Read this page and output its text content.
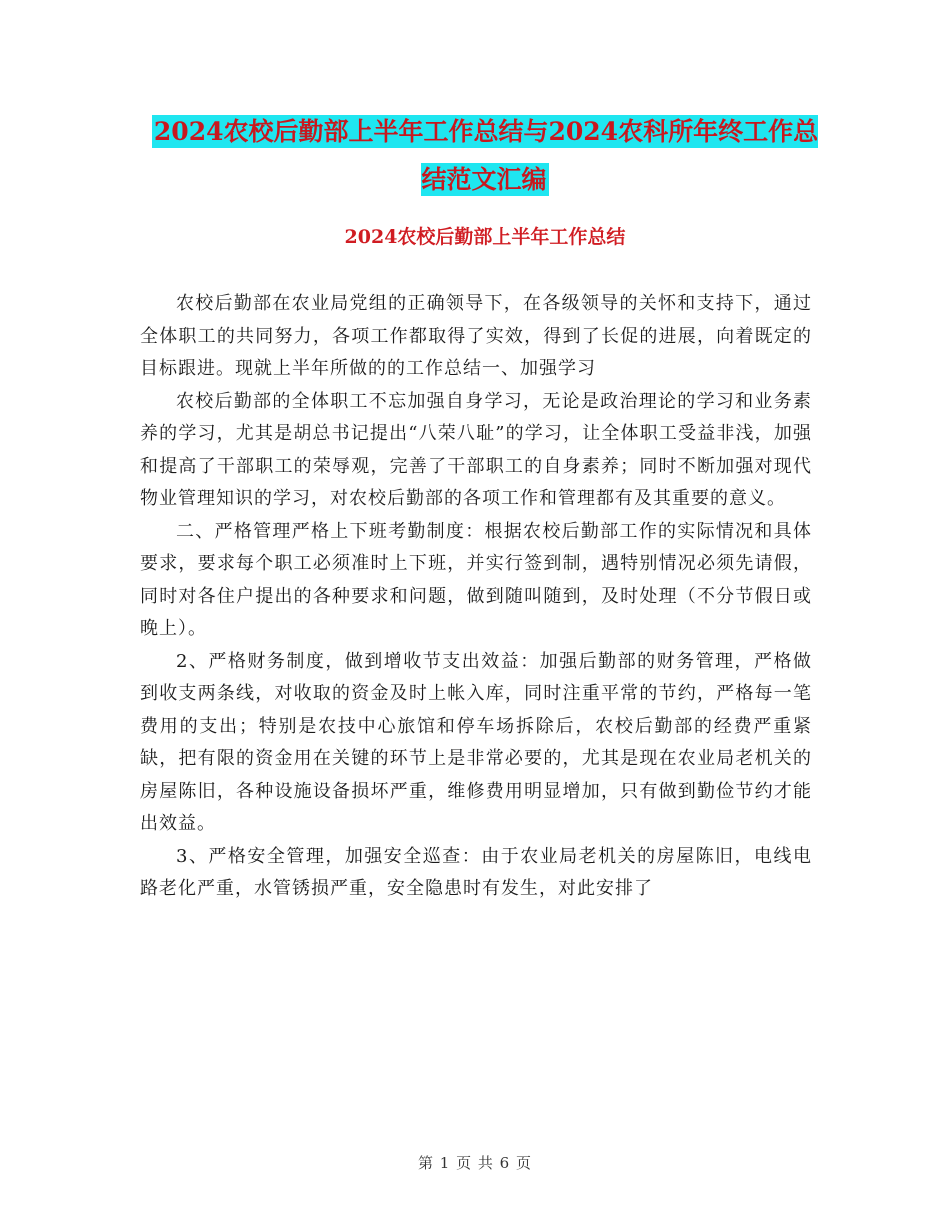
2024农校后勤部上半年工作总结与2024农科所年终工作总结范文汇编
2024农校后勤部上半年工作总结

农校后勤部在农业局党组的正确领导下，在各级领导的关怀和支持下，通过全体职工的共同努力，各项工作都取得了实效，得到了长促的进展，向着既定的目标跟进。现就上半年所做的的工作总结一、加强学习

农校后勤部的全体职工不忘加强自身学习，无论是政治理论的学习和业务素养的学习，尤其是胡总书记提出“八荣八耻”的学习，让全体职工受益非浅，加强和提高了干部职工的荣辱观，完善了干部职工的自身素养；同时不断加强对现代物业管理知识的学习，对农校后勤部的各项工作和管理都有及其重要的意义。

二、严格管理严格上下班考勤制度：根据农校后勤部工作的实际情况和具体要求，要求每个职工必须准时上下班，并实行签到制，遇特别情况必须先请假，同时对各住户提出的各种要求和问题，做到随叫随到，及时处理（不分节假日或晚上）。

2、严格财务制度，做到增收节支出效益：加强后勤部的财务管理，严格做到收支两条线，对收取的资金及时上帐入库，同时注重平常的节约，严格每一笔费用的支出；特别是农技中心旅馆和停车场拆除后，农校后勤部的经费严重紧缺，把有限的资金用在关键的环节上是非常必要的，尤其是现在农业局老机关的房屋陈旧，各种设施设备损坏严重，维修费用明显增加，只有做到勤俭节约才能出效益。

3、严格安全管理，加强安全巡查：由于农业局老机关的房屋陈旧，电线电路老化严重，水管锈损严重，安全隐患时有发生，对此安排了

第 1 页 共 6 页
